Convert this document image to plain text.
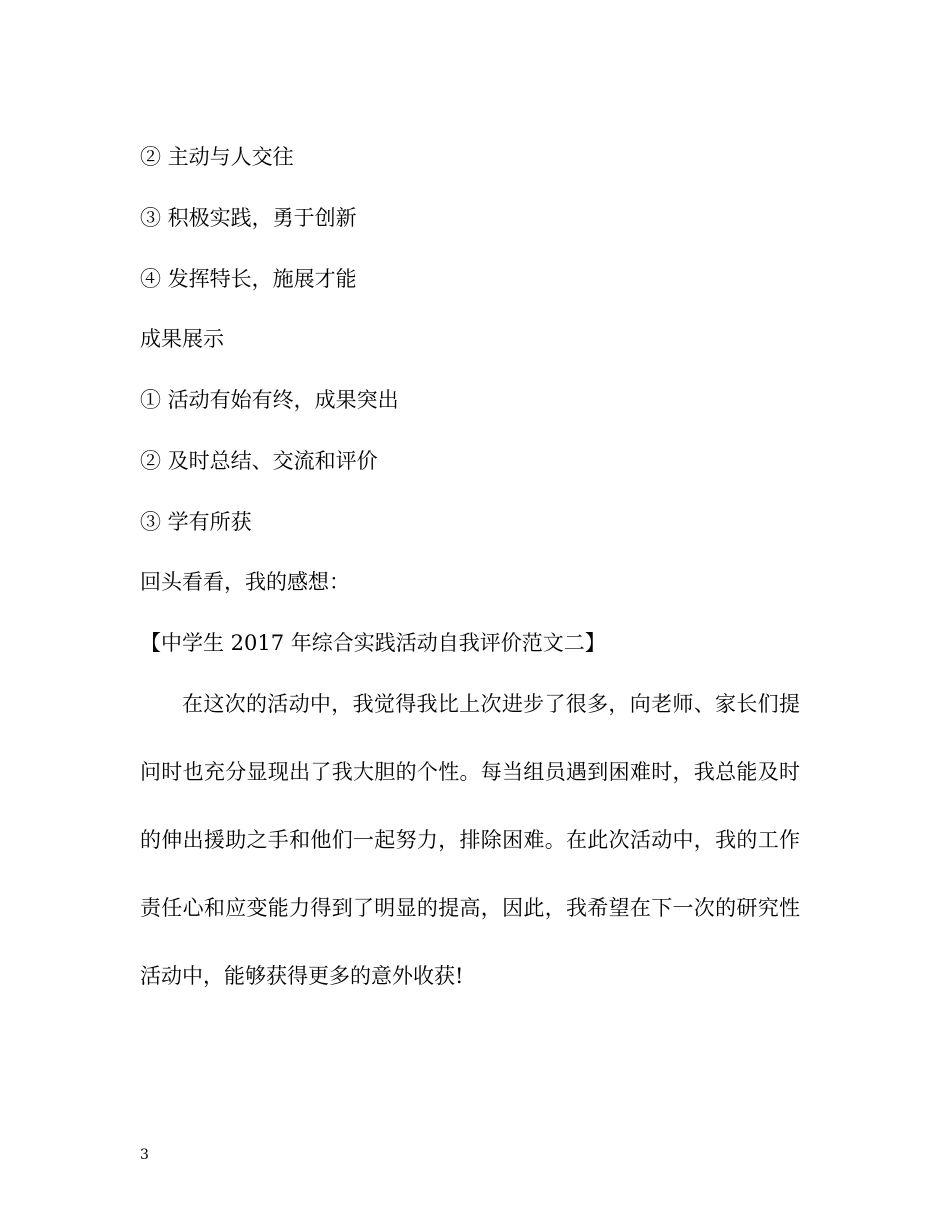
② 主动与人交往
③ 积极实践，勇于创新
④ 发挥特长，施展才能
成果展示
① 活动有始有终，成果突出
② 及时总结、交流和评价
③ 学有所获
回头看看，我的感想：
【中学生 2017 年综合实践活动自我评价范文二】

在这次的活动中，我觉得我比上次进步了很多，向老师、家长们提问时也充分显现出了我大胆的个性。每当组员遇到困难时，我总能及时的伸出援助之手和他们一起努力，排除困难。在此次活动中，我的工作责任心和应变能力得到了明显的提高，因此，我希望在下一次的研究性活动中，能够获得更多的意外收获!

3
